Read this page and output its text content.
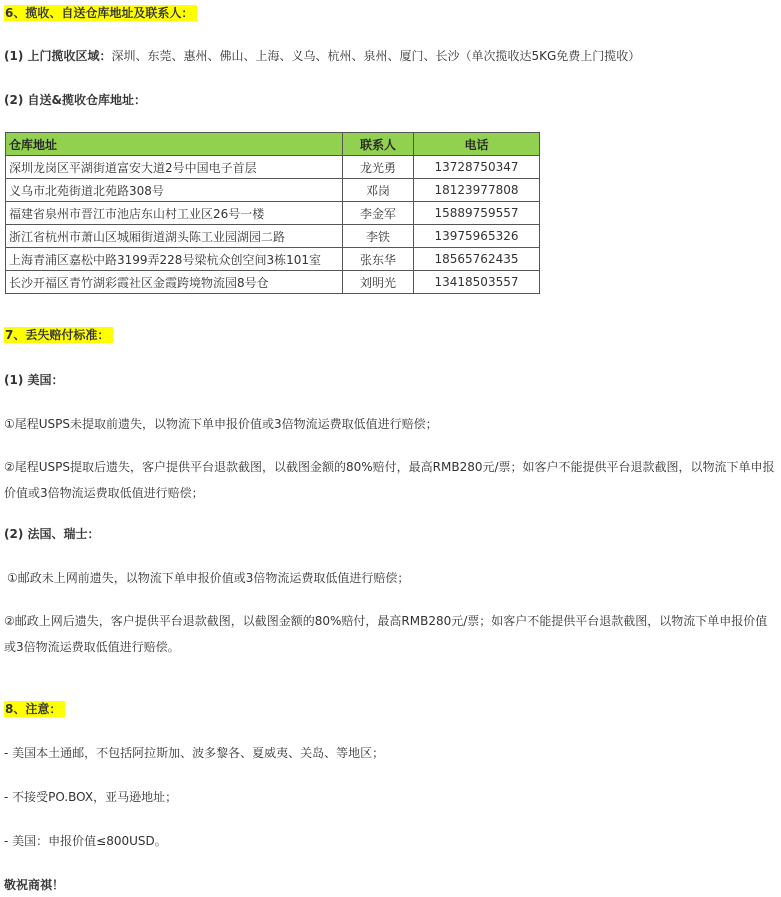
6、揽收、自送仓库地址及联系人：
(1) 上门揽收区域：深圳、东莞、惠州、佛山、上海、义乌、杭州、泉州、厦门、长沙（单次揽收达5KG免费上门揽收）
(2) 自送&揽收仓库地址：
仓库地址	联系人	电话
深圳龙岗区平湖街道富安大道2号中国电子首层	龙光勇	13728750347
义乌市北苑街道北苑路308号	邓岗	18123977808
福建省泉州市晋江市池店东山村工业区26号一楼	李金军	15889759557
浙江省杭州市萧山区城厢街道湖头陈工业园湖园二路	李铁	13975965326
上海青浦区嘉松中路3199弄228号梁杭众创空间3栋101室	张东华	18565762435
长沙开福区青竹湖彩霞社区金霞跨境物流园8号仓	刘明光	13418503557
7、丢失赔付标准：
(1) 美国：
①尾程USPS未提取前遗失，以物流下单申报价值或3倍物流运费取低值进行赔偿；
②尾程USPS提取后遗失，客户提供平台退款截图，以截图金额的80%赔付，最高RMB280元/票；如客户不能提供平台退款截图，以物流下单申报价值或3倍物流运费取低值进行赔偿；
(2) 法国、瑞士：
①邮政未上网前遗失，以物流下单申报价值或3倍物流运费取低值进行赔偿；
②邮政上网后遗失，客户提供平台退款截图，以截图金额的80%赔付，最高RMB280元/票；如客户不能提供平台退款截图，以物流下单申报价值或3倍物流运费取低值进行赔偿。
8、注意：
- 美国本土通邮，不包括阿拉斯加、波多黎各、夏威夷、关岛、等地区；
- 不接受PO.BOX，亚马逊地址；
- 美国：申报价值≤800USD。
敬祝商祺！
